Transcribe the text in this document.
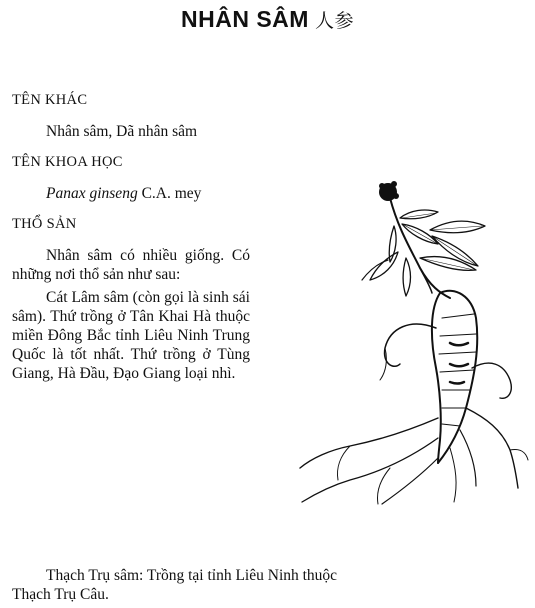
NHÂN SÂM 人参
TÊN KHÁC

Nhân sâm, Dã nhân sâm

TÊN KHOA HỌC

Panax ginseng C.A. mey

THỔ SẢN

Nhân sâm có nhiều giống. Có những nơi thổ sản như sau:

Cát Lâm sâm (còn gọi là sinh sái sâm). Thứ trồng ở Tân Khai Hà thuộc miền Đông Bắc tỉnh Liêu Ninh Trung Quốc là tốt nhất. Thứ trồng ở Tùng Giang, Hà Đầu, Đạo Giang loại nhì.

Thạch Trụ sâm: Trồng tại tỉnh Liêu Ninh thuộc
Thạch Trụ Câu.
